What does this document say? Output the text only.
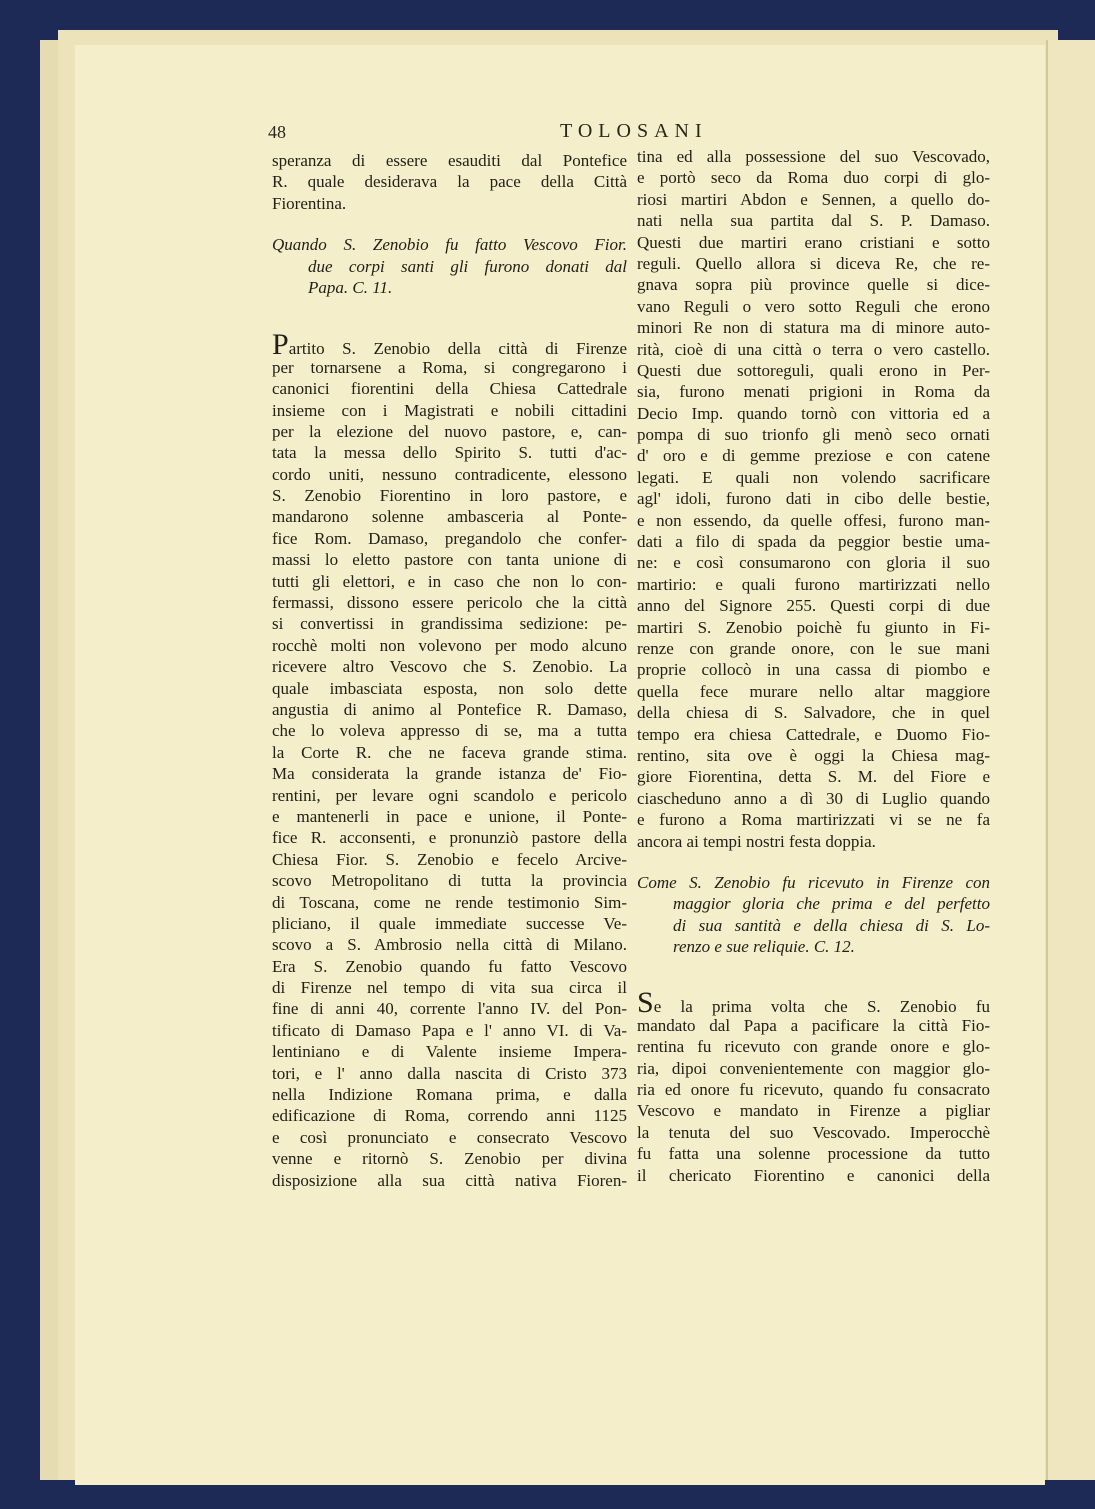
48	TOLOSANI
speranza di essere esauditi dal Pontefice
R. quale desiderava la pace della Città
Fiorentina.
Quando S. Zenobio fu fatto Vescovo Fior.
due corpi santi gli furono donati dal
Papa. C. 11.
Partito S. Zenobio della città di Firenze
per tornarsene a Roma, si congregarono i
canonici fiorentini della Chiesa Cattedrale
insieme con i Magistrati e nobili cittadini
per la elezione del nuovo pastore, e, can-
tata la messa dello Spirito S. tutti d'ac-
cordo uniti, nessuno contradicente, elessono
S. Zenobio Fiorentino in loro pastore, e
mandarono solenne ambasceria al Ponte-
fice Rom. Damaso, pregandolo che confer-
massi lo eletto pastore con tanta unione di
tutti gli elettori, e in caso che non lo con-
fermassi, dissono essere pericolo che la città
si convertissi in grandissima sedizione: pe-
rocchè molti non volevono per modo alcuno
ricevere altro Vescovo che S. Zenobio. La
quale imbasciata esposta, non solo dette
angustia di animo al Pontefice R. Damaso,
che lo voleva appresso di se, ma a tutta
la Corte R. che ne faceva grande stima.
Ma considerata la grande istanza de' Fio-
rentini, per levare ogni scandolo e pericolo
e mantenerli in pace e unione, il Ponte-
fice R. acconsenti, e pronunziò pastore della
Chiesa Fior. S. Zenobio e fecelo Arcive-
scovo Metropolitano di tutta la provincia
di Toscana, come ne rende testimonio Sim-
pliciano, il quale immediate successe Ve-
scovo a S. Ambrosio nella città di Milano.
Era S. Zenobio quando fu fatto Vescovo
di Firenze nel tempo di vita sua circa il
fine di anni 40, corrente l'anno IV. del Pon-
tificato di Damaso Papa e l' anno VI. di Va-
lentiniano e di Valente insieme Impera-
tori, e l' anno dalla nascita di Cristo 373
nella Indizione Romana prima, e dalla
edificazione di Roma, correndo anni 1125
e così pronunciato e consecrato Vescovo
venne e ritornò S. Zenobio per divina
disposizione alla sua città nativa Fioren-
tina ed alla possessione del suo Vescovado,
e portò seco da Roma duo corpi di glo-
riosi martiri Abdon e Sennen, a quello do-
nati nella sua partita dal S. P. Damaso.
Questi due martiri erano cristiani e sotto
reguli. Quello allora si diceva Re, che re-
gnava sopra più province quelle si dice-
vano Reguli o vero sotto Reguli che erono
minori Re non di statura ma di minore auto-
rità, cioè di una città o terra o vero castello.
Questi due sottoreguli, quali erono in Per-
sia, furono menati prigioni in Roma da
Decio Imp. quando tornò con vittoria ed a
pompa di suo trionfo gli menò seco ornati
d' oro e di gemme preziose e con catene
legati. E quali non volendo sacrificare
agl' idoli, furono dati in cibo delle bestie,
e non essendo, da quelle offesi, furono man-
dati a filo di spada da peggior bestie uma-
ne: e così consumarono con gloria il suo
martirio: e quali furono martirizzati nello
anno del Signore 255. Questi corpi di due
martiri S. Zenobio poichè fu giunto in Fi-
renze con grande onore, con le sue mani
proprie collocò in una cassa di piombo e
quella fece murare nello altar maggiore
della chiesa di S. Salvadore, che in quel
tempo era chiesa Cattedrale, e Duomo Fio-
rentino, sita ove è oggi la Chiesa mag-
giore Fiorentina, detta S. M. del Fiore e
ciascheduno anno a dì 30 di Luglio quando
e furono a Roma martirizzati vi se ne fa
ancora ai tempi nostri festa doppia.
Come S. Zenobio fu ricevuto in Firenze con
maggior gloria che prima e del perfetto
di sua santità e della chiesa di S. Lo-
renzo e sue reliquie. C. 12.
Se la prima volta che S. Zenobio fu
mandato dal Papa a pacificare la città Fio-
rentina fu ricevuto con grande onore e glo-
ria, dipoi convenientemente con maggior glo-
ria ed onore fu ricevuto, quando fu consacrato
Vescovo e mandato in Firenze a pigliar
la tenuta del suo Vescovado. Imperocchè
fu fatta una solenne processione da tutto
il chericato Fiorentino e canonici della
